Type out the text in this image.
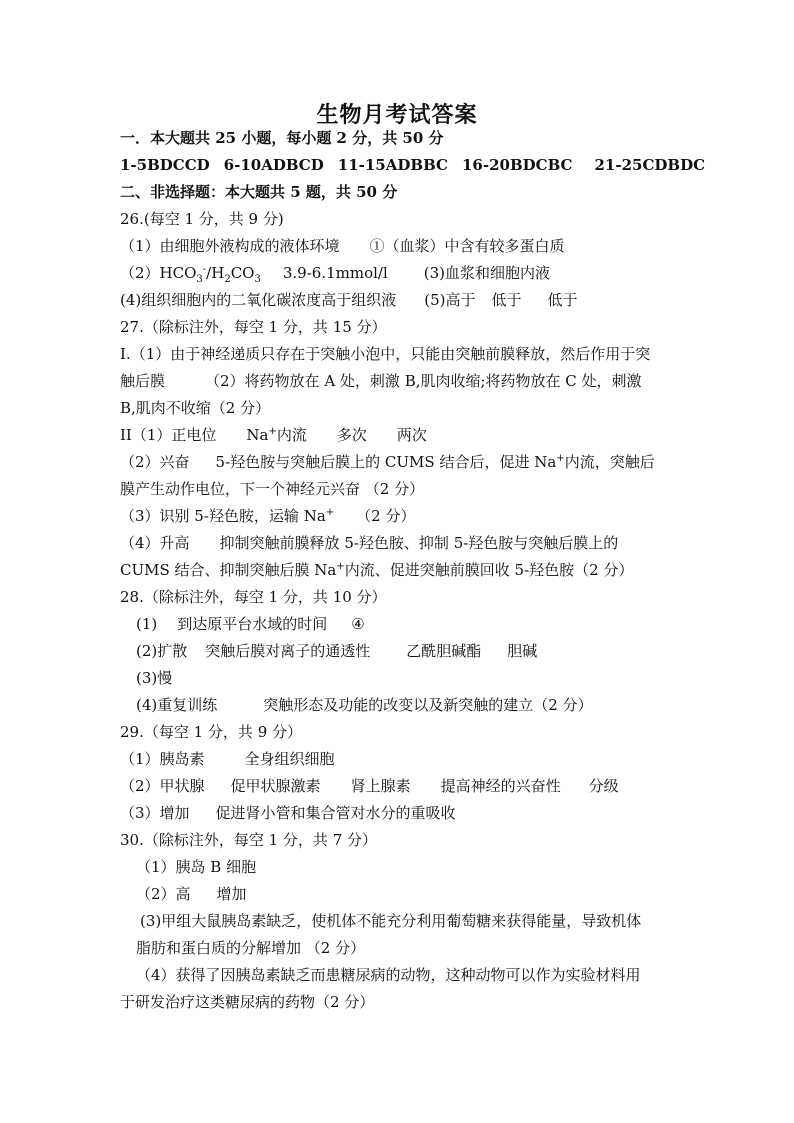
生物月考试答案
一．本大题共 25 小题，每小题 2 分，共 50 分
1-5BDCCD 6-10ADBCD 11-15ADBBC 16-20BDCBC 21-25CDBDC
二、非选择题：本大题共 5 题，共 50 分
26.(每空 1 分，共 9 分)
（1）由细胞外液构成的液体环境 ①（血浆）中含有较多蛋白质
$(2)HCO_3^-/H_2CO_3$ 3.9-6.1mmol/l (3)血浆和细胞内液
(4)组织细胞内的二氧化碳浓度高于组织液 (5)高于 低于 低于
27.（除标注外，每空 1 分，共 15 分）
I.（1）由于神经递质只存在于突触小泡中，只能由突触前膜释放，然后作用于突
触后膜	（2）将药物放在 A 处，刺激 B,肌肉收缩;将药物放在 C 处，刺激
B,肌肉不收缩（2 分）
II（1）正电位 Na+内流 多次 两次
（2）兴奋 5-羟色胺与突触后膜上的 CUMS 结合后，促进 Na+内流，突触后
膜产生动作电位，下一个神经元兴奋 （2 分）
（3）识别 5-羟色胺，运输 Na+ （2 分）
（4）升高 抑制突触前膜释放 5-羟色胺、抑制 5-羟色胺与突触后膜上的
CUMS 结合、抑制突触后膜 Na+内流、促进突触前膜回收 5-羟色胺（2 分）
28.（除标注外，每空 1 分，共 10 分）
(1) 到达原平台水域的时间 ④
(2)扩散 突触后膜对离子的通透性 乙酰胆碱酯 胆碱
(3)慢
(4)重复训练	突触形态及功能的改变以及新突触的建立（2 分）
29.（每空 1 分，共 9 分）
（1）胰岛素	全身组织细胞
（2）甲状腺 促甲状腺激素 肾上腺素 提高神经的兴奋性 分级
（3）增加 促进肾小管和集合管对水分的重吸收
30.（除标注外，每空 1 分，共 7 分）
（1）胰岛 B 细胞
（2）高 增加
(3)甲组大鼠胰岛素缺乏，使机体不能充分利用葡萄糖来获得能量，导致机体
脂肪和蛋白质的分解增加 （2 分）
（4）获得了因胰岛素缺乏而患糖尿病的动物，这种动物可以作为实验材料用
于研发治疗这类糖尿病的药物（2 分）
